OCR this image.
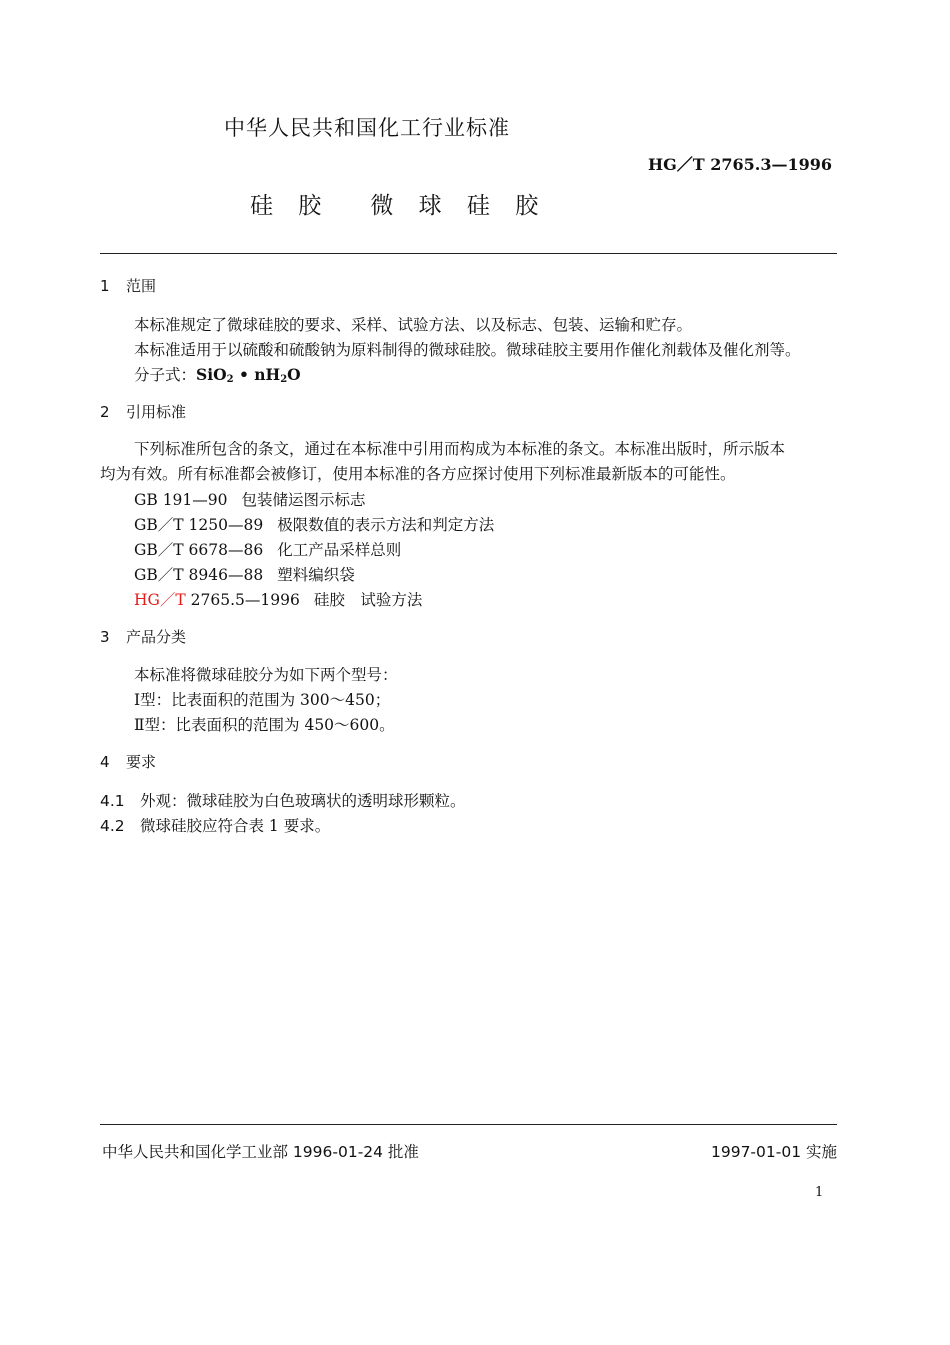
中华人民共和国化工行业标准
HG／T 2765.3—1996
硅 胶 微 球 硅 胶
1 范围
本标准规定了微球硅胶的要求、采样、试验方法、以及标志、包装、运输和贮存。
本标准适用于以硫酸和硫酸钠为原料制得的微球硅胶。微球硅胶主要用作催化剂载体及催化剂等。
分子式：SiO$_2$ • $nH_2O$
2 引用标准
下列标准所包含的条文，通过在本标准中引用而构成为本标准的条文。本标准出版时，所示版本
均为有效。所有标准都会被修订，使用本标准的各方应探讨使用下列标准最新版本的可能性。
GB 191—90 包装储运图示标志
GB／T 1250—89 极限数值的表示方法和判定方法
GB／T 6678—86 化工产品采样总则
GB／T 8946—88 塑料编织袋
HG／T 2765.5—1996 硅胶　试验方法
3 产品分类
本标准将微球硅胶分为如下两个型号：
Ⅰ型：比表面积的范围为 300～450；
Ⅱ型：比表面积的范围为 450～600。
4 要求
4.1 外观：微球硅胶为白色玻璃状的透明球形颗粒。
4.2 微球硅胶应符合表 1 要求。
中华人民共和国化学工业部 1996-01-24 批准	1997-01-01 实施
1
